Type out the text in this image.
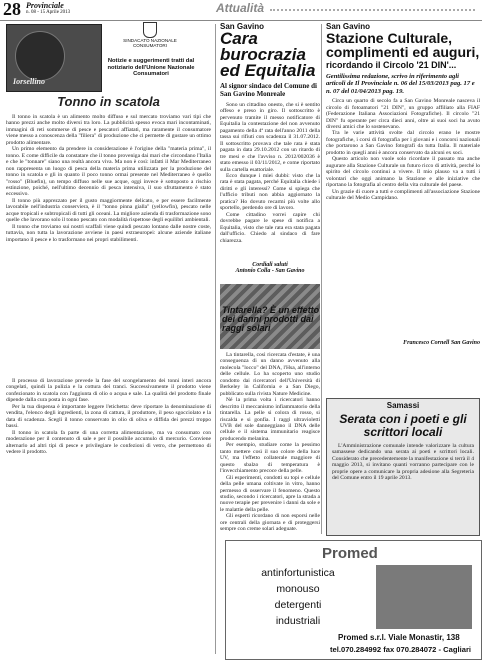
28 Provinciale
n. 08 - 15 Aprile 2013	Attualità
Iorsellino
SINDACATO NAZIONALE CONSUMATORI
Notizie e suggerimenti tratti dal notiziario dell'Unione Nazionale Consumatori
Tonno in scatola

Il tonno in scatola è un alimento molto diffuso e sul mercato troviamo vari tipi che hanno prezzi anche molto diversi tra loro. La pubblicità spesso evoca mari incontaminati, immagini di reti sommerse di pesce e pescatori affiatati, ma raramente il consumatore viene messo a conoscenza della "filiera" di produzione che ci permette di gustare un ottimo prodotto alimentare.

Un primo elemento da prendere in considerazione è l'origine della "materia prima", il tonno. E come difficile da constatare che il tonno proveniga dai mari che circondano l'Italia e che le "tonnare" siano una realtà ancora viva. Ma non è così: infatti il Mar Mediterraneo non rappresenta un luogo di pesca della materia prima utilizzata per la produzione del tonno in scatola e gli in quanto il poco tonno ormai presente nel Mediterraneo è quello "rosso" (Bluefin), un tempo diffuso nelle sue acque, oggi invece è sottoposto a rischio estinzione, poiché, nell'ultimo decennio di pesca intensiva, il suo sfruttamento è stato eccessivo.

Il tonno più apprezzato per il gusto maggiormente delicato, e per essere facilmente lavorabile nell'industria conserviera, è il "tonno pinna gialla" (yellowfin), pescato nelle acque tropicali e subtropicali di tutti gli oceani. La migliore azienda di trasformazione sono quelle che lavorano solo il tonno pescato con modalità rispettose degli equilibri ambientali.

Il tonno che troviamo sui nostri scaffali viene quindi pescato lontano dalle nostre coste, tuttavia, non tutta la lavorazione avviene in paesi extraeuropei: alcune aziende italiane importano il pesce e lo trasformano nei propri stabilimenti.

Il processo di lavorazione prevede la fase del scongelamento dei tonni interi ancora congelati, quindi la pulizia e la cottura dei tranci. Successivamente il prodotto viene confezionato in scatola con l'aggiunta di olio o acqua e sale. La qualità del prodotto finale dipende dalla cura posta in ogni fase.

Per la tua dispensa è importante leggere l'etichetta: deve riportare la denominazione di vendita, l'elenco degli ingredienti, la zona di cattura, il produttore, il peso sgocciolato e la data di scadenza. Scegli il tonno conservato in olio di oliva e diffida dei prezzi troppo bassi.

Il tonno in scatola fa parte di una corretta alimentazione, ma va consumato con moderazione per il contenuto di sale e per il possibile accumulo di mercurio. Conviene alternarlo ad altri tipi di pesce e privilegiare le confezioni di vetro, che permettono di vedere il prodotto.

San Gavino
Cara burocrazia ed Equitalia
Al signor sindaco del Comune di San Gavino Monreale

Sono un cittadino onesto, che si è sentito offeso e preso in giro. Il sottoscritto è pervenuto tramite il messo notificatore di Equitalia la contestazione del non avvenuto pagamento della 4ª rata dell'anno 2011 della tassa sui rifiuti con scadenza il 31.07.2012. Il sottoscritto provava che tale rata è stata pagata in data 29.10.2012 con un ritardo di tre mesi e che l'avviso n. 2012/002036 è stato emesso il 03/11/2012, e come riportato sulla cartella esattoriale.

Ecco dunque i miei dubbi: visto che la rata è stata pagata, perché Equitalia chiede i diritti e gli interessi? Come si spiega che l'ufficio tributi non abbia aggiornato la pratica? Ho dovuto recarmi più volte allo sportello, perdendo ore di lavoro.

Come cittadino vorrei capire chi dovrebbe pagare le spese di notifica a Equitalia, visto che tale rata era stata pagata dall'ufficio. Chiedo al sindaco di fare chiarezza.

Cordiali saluti
Antonio Colla - San Gavino
Tintarella? È un effetto dei danni prodotti dai raggi solari

La tintarella, così ricercata d'estate, è una conseguenza di un danno avvenuto alla molecola "locco" del DNA, l'Hsa, all'interno delle cellule. Lo ha scoperto uno studio condotto dai ricercatori dell'Università di Berkeley in California e a San Diego, pubblicato sulla rivista Nature Medicine.

Né la prima volta i ricercatori hanno descritto il meccanismo infiammatorio della tintarella. La pelle si colora di rosso, si riscalda e si gonfia. I raggi ultravioletti UVB del sole danneggiano il DNA delle cellule e il sistema immunitario reagisce producendo melanina.

Per esempio, studiare come la pessimo tanto mettere così il suo colore della luce UV, ma l'effetto collaterale maggiore di questo sbalzo di temperatura è l'invecchiamento precoce della pelle.

Gli esperimenti, condotti su topi e cellule della pelle umana coltivate in vitro, hanno permesso di osservare il fenomeno. Questo studio, secondo i ricercatori, apre la strada a nuove terapie per prevenire i danni da sole e le malattie della pelle.

Gli esperti ricordano di non esporsi nelle ore centrali della giornata e di proteggersi sempre con creme solari adeguate.

San Gavino
Stazione Culturale, complimenti ed auguri,
ricordando il Circolo '21 DIN'...
Gentilissima redazione, scrivo in riferimento agli articoli de Il Provinciale n. 06 del 15/03/2013 pag. 17 e n. 07 del 01/04/2013 pag. 19.

Circa un quarto di secolo fa a San Gavino Monreale nasceva il circolo di fotoamatori "21 DIN", un gruppo affiliato alla FIAF (Federazione Italiana Associazioni Fotografiche). Il circolo "21 DIN" fu operante per circa dieci anni, oltre ai suoi soci ha avuto diversi amici che lo sostenevano.

Tra le varie attività svolte dal circolo erano le mostre fotografiche, i corsi di fotografia per i giovani e i concorsi nazionali che portarono a San Gavino fotografi da tutta Italia. Il materiale prodotto in quegli anni è ancora conservato da alcuni ex soci.

Questo articolo non vuole solo ricordare il passato ma anche augurare alla Stazione Culturale un futuro ricco di attività, perché lo spirito del circolo continui a vivere. Il mio plauso va a tutti i volontari che oggi animano la Stazione e alle iniziative che riportano la fotografia al centro della vita culturale del paese.

Un grazie di cuore a tutti e complimenti all'associazione Stazione culturale del Medio Campidano.

Francesco Cornell San Gavino
Samassi
Serata con i poeti e gli scrittori locali

L'Amministrazione comunale intende valorizzare la cultura samassese dedicando una serata ai poeti e scrittori locali. Considerato che precedentemente la manifestazione si terrà il 4 maggio 2013, si invitano quanti vorranno partecipare con le proprie opere a comunicare la propria adesione alla Segreteria del Comune entro il 19 aprile 2013.

Promed
antinfortunistica
monouso
detergenti
industriali
Promed s.r.l. Viale Monastir, 138
tel.070.284992 fax 070.284072 - Cagliari
